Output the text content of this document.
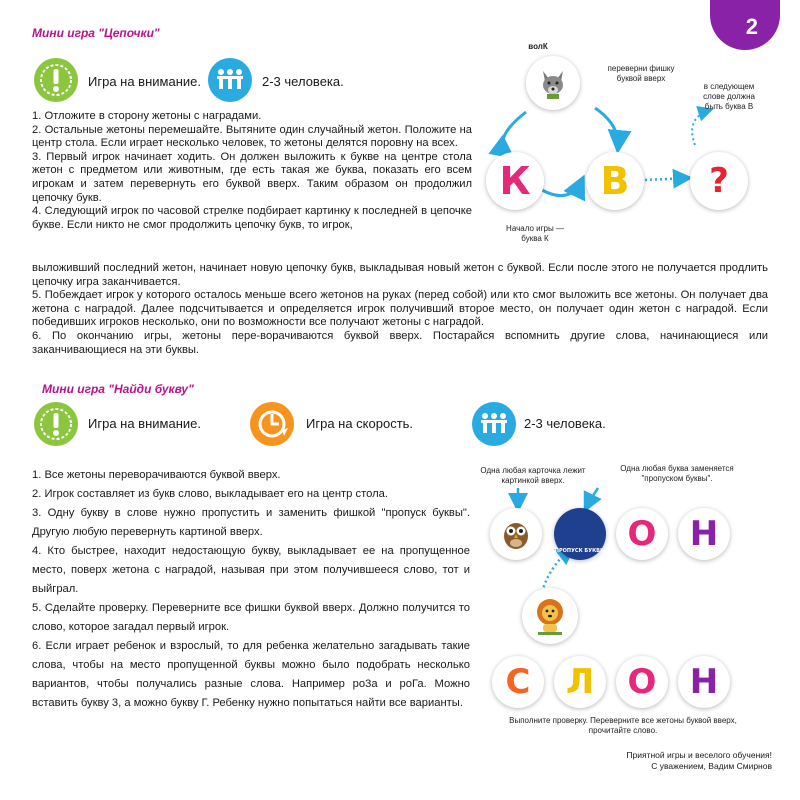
2
Мини игра "Цепочки"
Игра на внимание.	2-3 человека.

1. Отложите в сторону жетоны с наградами.

2. Остальные жетоны перемешайте. Вытяните один случайный жетон. Положите на центр стола. Если играет несколько человек, то жетоны делятся поровну на всех.

3. Первый игрок начинает ходить. Он должен выложить к букве на центре стола жетон с предметом или животным, где есть такая же буква, показать его всем игрокам и затем перевернуть его буквой вверх. Таким образом он продолжил цепочку букв.

4. Следующий игрок по часовой стрелке подбирает картинку к последней в цепочке букве. Если никто не смог продолжить цепочку букв, то игрок,

выложивший последний жетон, начинает новую цепочку букв, выкладывая новый жетон с буквой. Если после этого не получается продлить цепочку игра заканчивается.

5. Побеждает игрок у которого осталось меньше всего жетонов на руках (перед собой) или кто смог выложить все жетоны. Он получает два жетона с наградой. Далее подсчитывается и определяется игрок получивший второе место, он получает один жетон с наградой. Если победивших игроков несколько, они по возможности все получают жетоны с наградой.

6. По окончанию игры, жетоны пере-ворачиваются буквой вверх. Постарайся вспомнить другие слова, начинающиеся или заканчивающиеся на эти буквы.

волК
переверни фишку буквой вверх
в следующем слове должна быть буква В
К	В	?
Начало игры — буква К
Мини игра "Найди букву"
Игра на внимание.	Игра на скорость.	2-3 человека.

1. Все жетоны переворачиваются буквой вверх.

2. Игрок составляет из букв слово, выкладывает его на центр стола.

3. Одну букву в слове нужно пропустить и заменить фишкой "пропуск буквы". Другую любую перевернуть картиной вверх.

4. Кто быстрее, находит недостающую букву, выкладывает ее на пропущенное место, поверх жетона с наградой, называя при этом получившееся слово, тот и выйграл.

5. Сделайте проверку. Переверните все фишки буквой вверх. Должно получится то слово, которое загадал первый игрок.

6. Если играет ребенок и взрослый, то для ребенка желательно загадывать такие слова, чтобы на место пропущенной буквы можно было подобрать несколько вариантов, чтобы получались разные слова. Например ро3а и роГа. Можно вставить букву 3, а можно букву Г. Ребенку нужно попытаться найти все варианты.

Одна любая карточка лежит картинкой вверх.
Одна любая буква заменяется "пропуском буквы".
ПРОПУСК БУКВЫ О Н
С	Л О Н
Выполните проверку. Переверните все жетоны буквой вверх, прочитайте слово.
Приятной игры и веселого обучения!
С уважением, Вадим Смирнов
